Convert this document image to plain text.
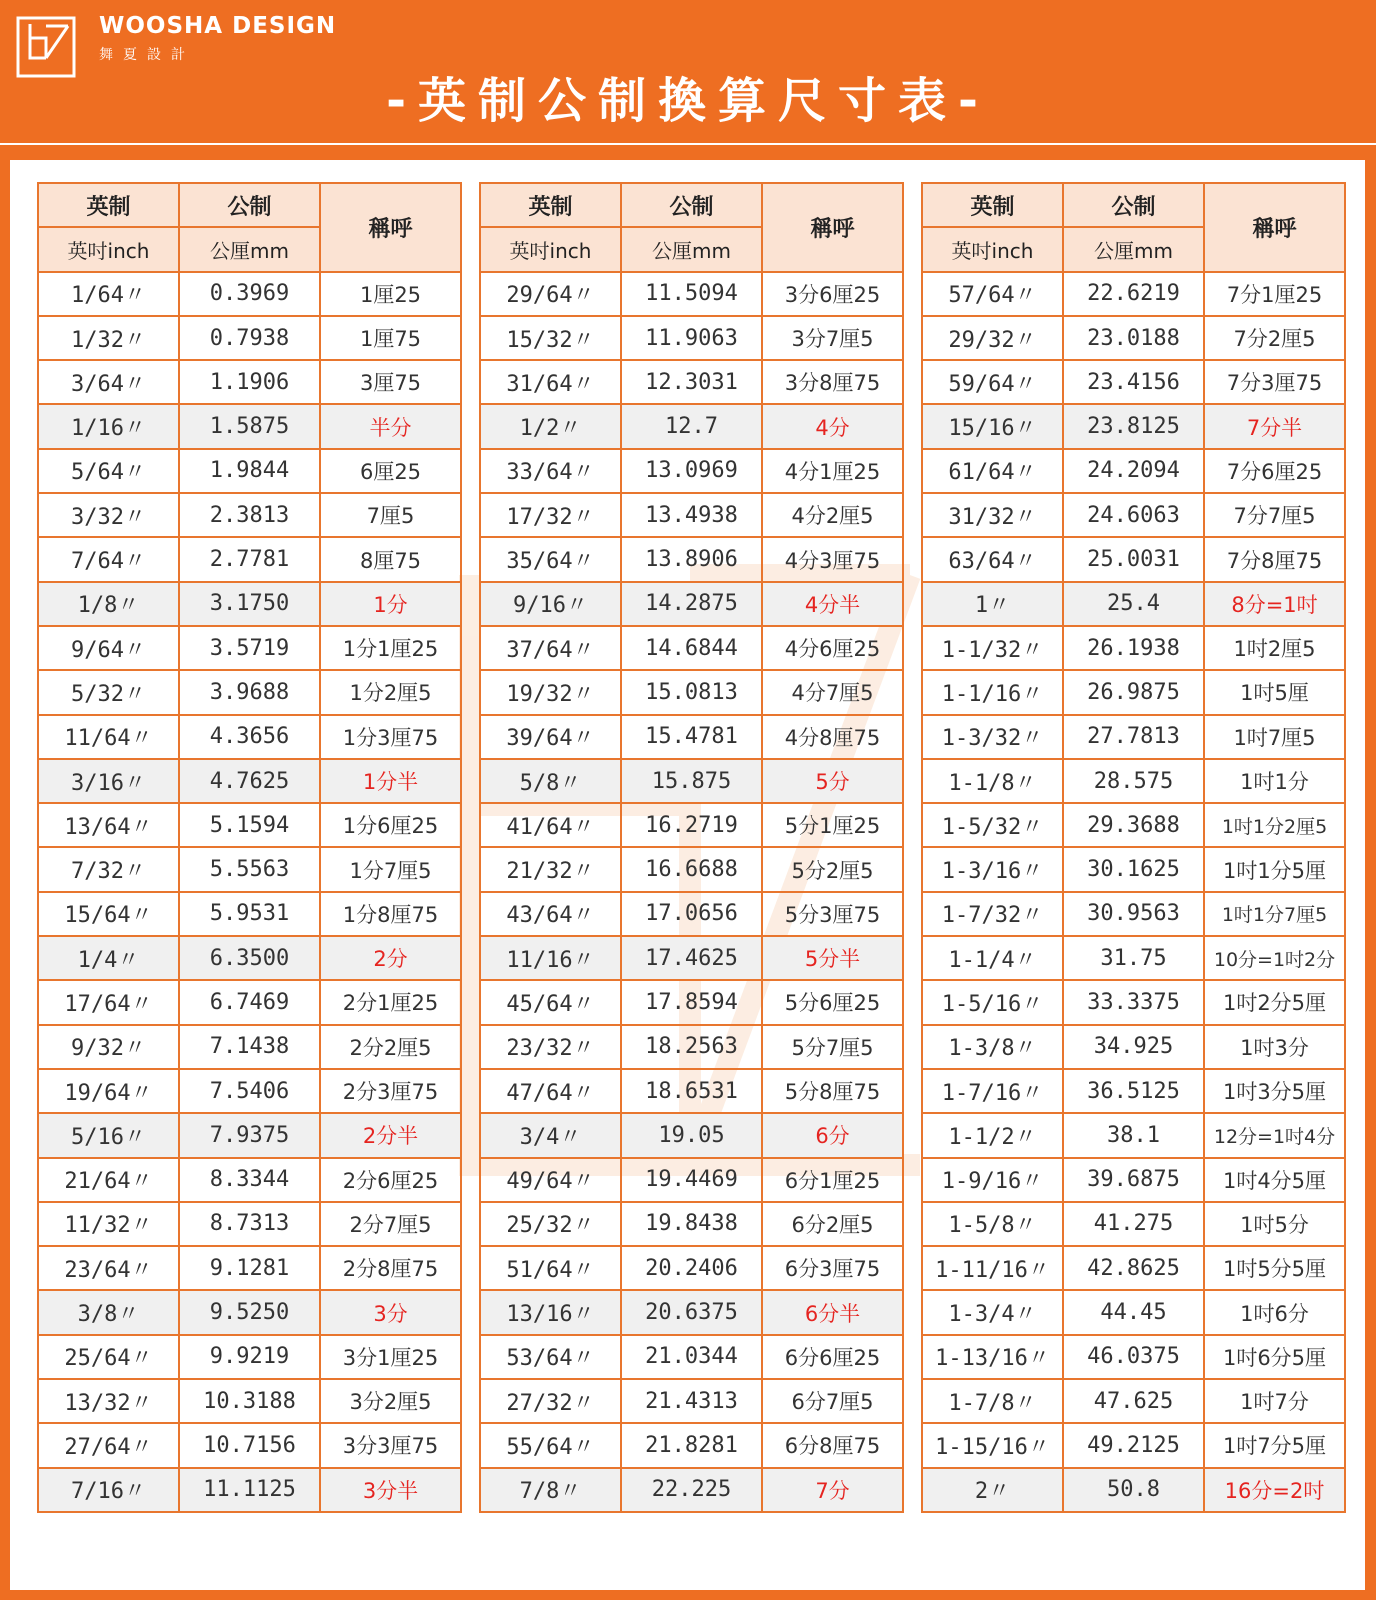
WOOSHA DESIGN
舞夏設計
-英制公制換算尺寸表-
英制	公制	稱呼
英吋inch	公厘mm	
1/64〃	0.3969	1厘25
1/32〃	0.7938	1厘75
3/64〃	1.1906	3厘75
1/16〃	1.5875	半分
5/64〃	1.9844	6厘25
3/32〃	2.3813	7厘5
7/64〃	2.7781	8厘75
1/8〃	3.1750	1分
9/64〃	3.5719	1分1厘25
5/32〃	3.9688	1分2厘5
11/64〃	4.3656	1分3厘75
3/16〃	4.7625	1分半
13/64〃	5.1594	1分6厘25
7/32〃	5.5563	1分7厘5
15/64〃	5.9531	1分8厘75
1/4〃	6.3500	2分
17/64〃	6.7469	2分1厘25
9/32〃	7.1438	2分2厘5
19/64〃	7.5406	2分3厘75
5/16〃	7.9375	2分半
21/64〃	8.3344	2分6厘25
11/32〃	8.7313	2分7厘5
23/64〃	9.1281	2分8厘75
3/8〃	9.5250	3分
25/64〃	9.9219	3分1厘25
13/32〃	10.3188	3分2厘5
27/64〃	10.7156	3分3厘75
7/16〃	11.1125	3分半
英制	公制	稱呼
英吋inch	公厘mm	
29/64〃	11.5094	3分6厘25
15/32〃	11.9063	3分7厘5
31/64〃	12.3031	3分8厘75
1/2〃	12.7	4分
33/64〃	13.0969	4分1厘25
17/32〃	13.4938	4分2厘5
35/64〃	13.8906	4分3厘75
9/16〃	14.2875	4分半
37/64〃	14.6844	4分6厘25
19/32〃	15.0813	4分7厘5
39/64〃	15.4781	4分8厘75
5/8〃	15.875	5分
41/64〃	16.2719	5分1厘25
21/32〃	16.6688	5分2厘5
43/64〃	17.0656	5分3厘75
11/16〃	17.4625	5分半
45/64〃	17.8594	5分6厘25
23/32〃	18.2563	5分7厘5
47/64〃	18.6531	5分8厘75
3/4〃	19.05	6分
49/64〃	19.4469	6分1厘25
25/32〃	19.8438	6分2厘5
51/64〃	20.2406	6分3厘75
13/16〃	20.6375	6分半
53/64〃	21.0344	6分6厘25
27/32〃	21.4313	6分7厘5
55/64〃	21.8281	6分8厘75
7/8〃	22.225	7分
英制	公制	稱呼
英吋inch	公厘mm	
57/64〃	22.6219	7分1厘25
29/32〃	23.0188	7分2厘5
59/64〃	23.4156	7分3厘75
15/16〃	23.8125	7分半
61/64〃	24.2094	7分6厘25
31/32〃	24.6063	7分7厘5
63/64〃	25.0031	7分8厘75
1〃	25.4	8分=1吋
1-1/32〃	26.1938	1吋2厘5
1-1/16〃	26.9875	1吋5厘
1-3/32〃	27.7813	1吋7厘5
1-1/8〃	28.575	1吋1分
1-5/32〃	29.3688	1吋1分2厘5
1-3/16〃	30.1625	1吋1分5厘
1-7/32〃	30.9563	1吋1分7厘5
1-1/4〃	31.75	10分=1吋2分
1-5/16〃	33.3375	1吋2分5厘
1-3/8〃	34.925	1吋3分
1-7/16〃	36.5125	1吋3分5厘
1-1/2〃	38.1	12分=1吋4分
1-9/16〃	39.6875	1吋4分5厘
1-5/8〃	41.275	1吋5分
1-11/16〃	42.8625	1吋5分5厘
1-3/4〃	44.45	1吋6分
1-13/16〃	46.0375	1吋6分5厘
1-7/8〃	47.625	1吋7分
1-15/16〃	49.2125	1吋7分5厘
2〃	50.8	16分=2吋
